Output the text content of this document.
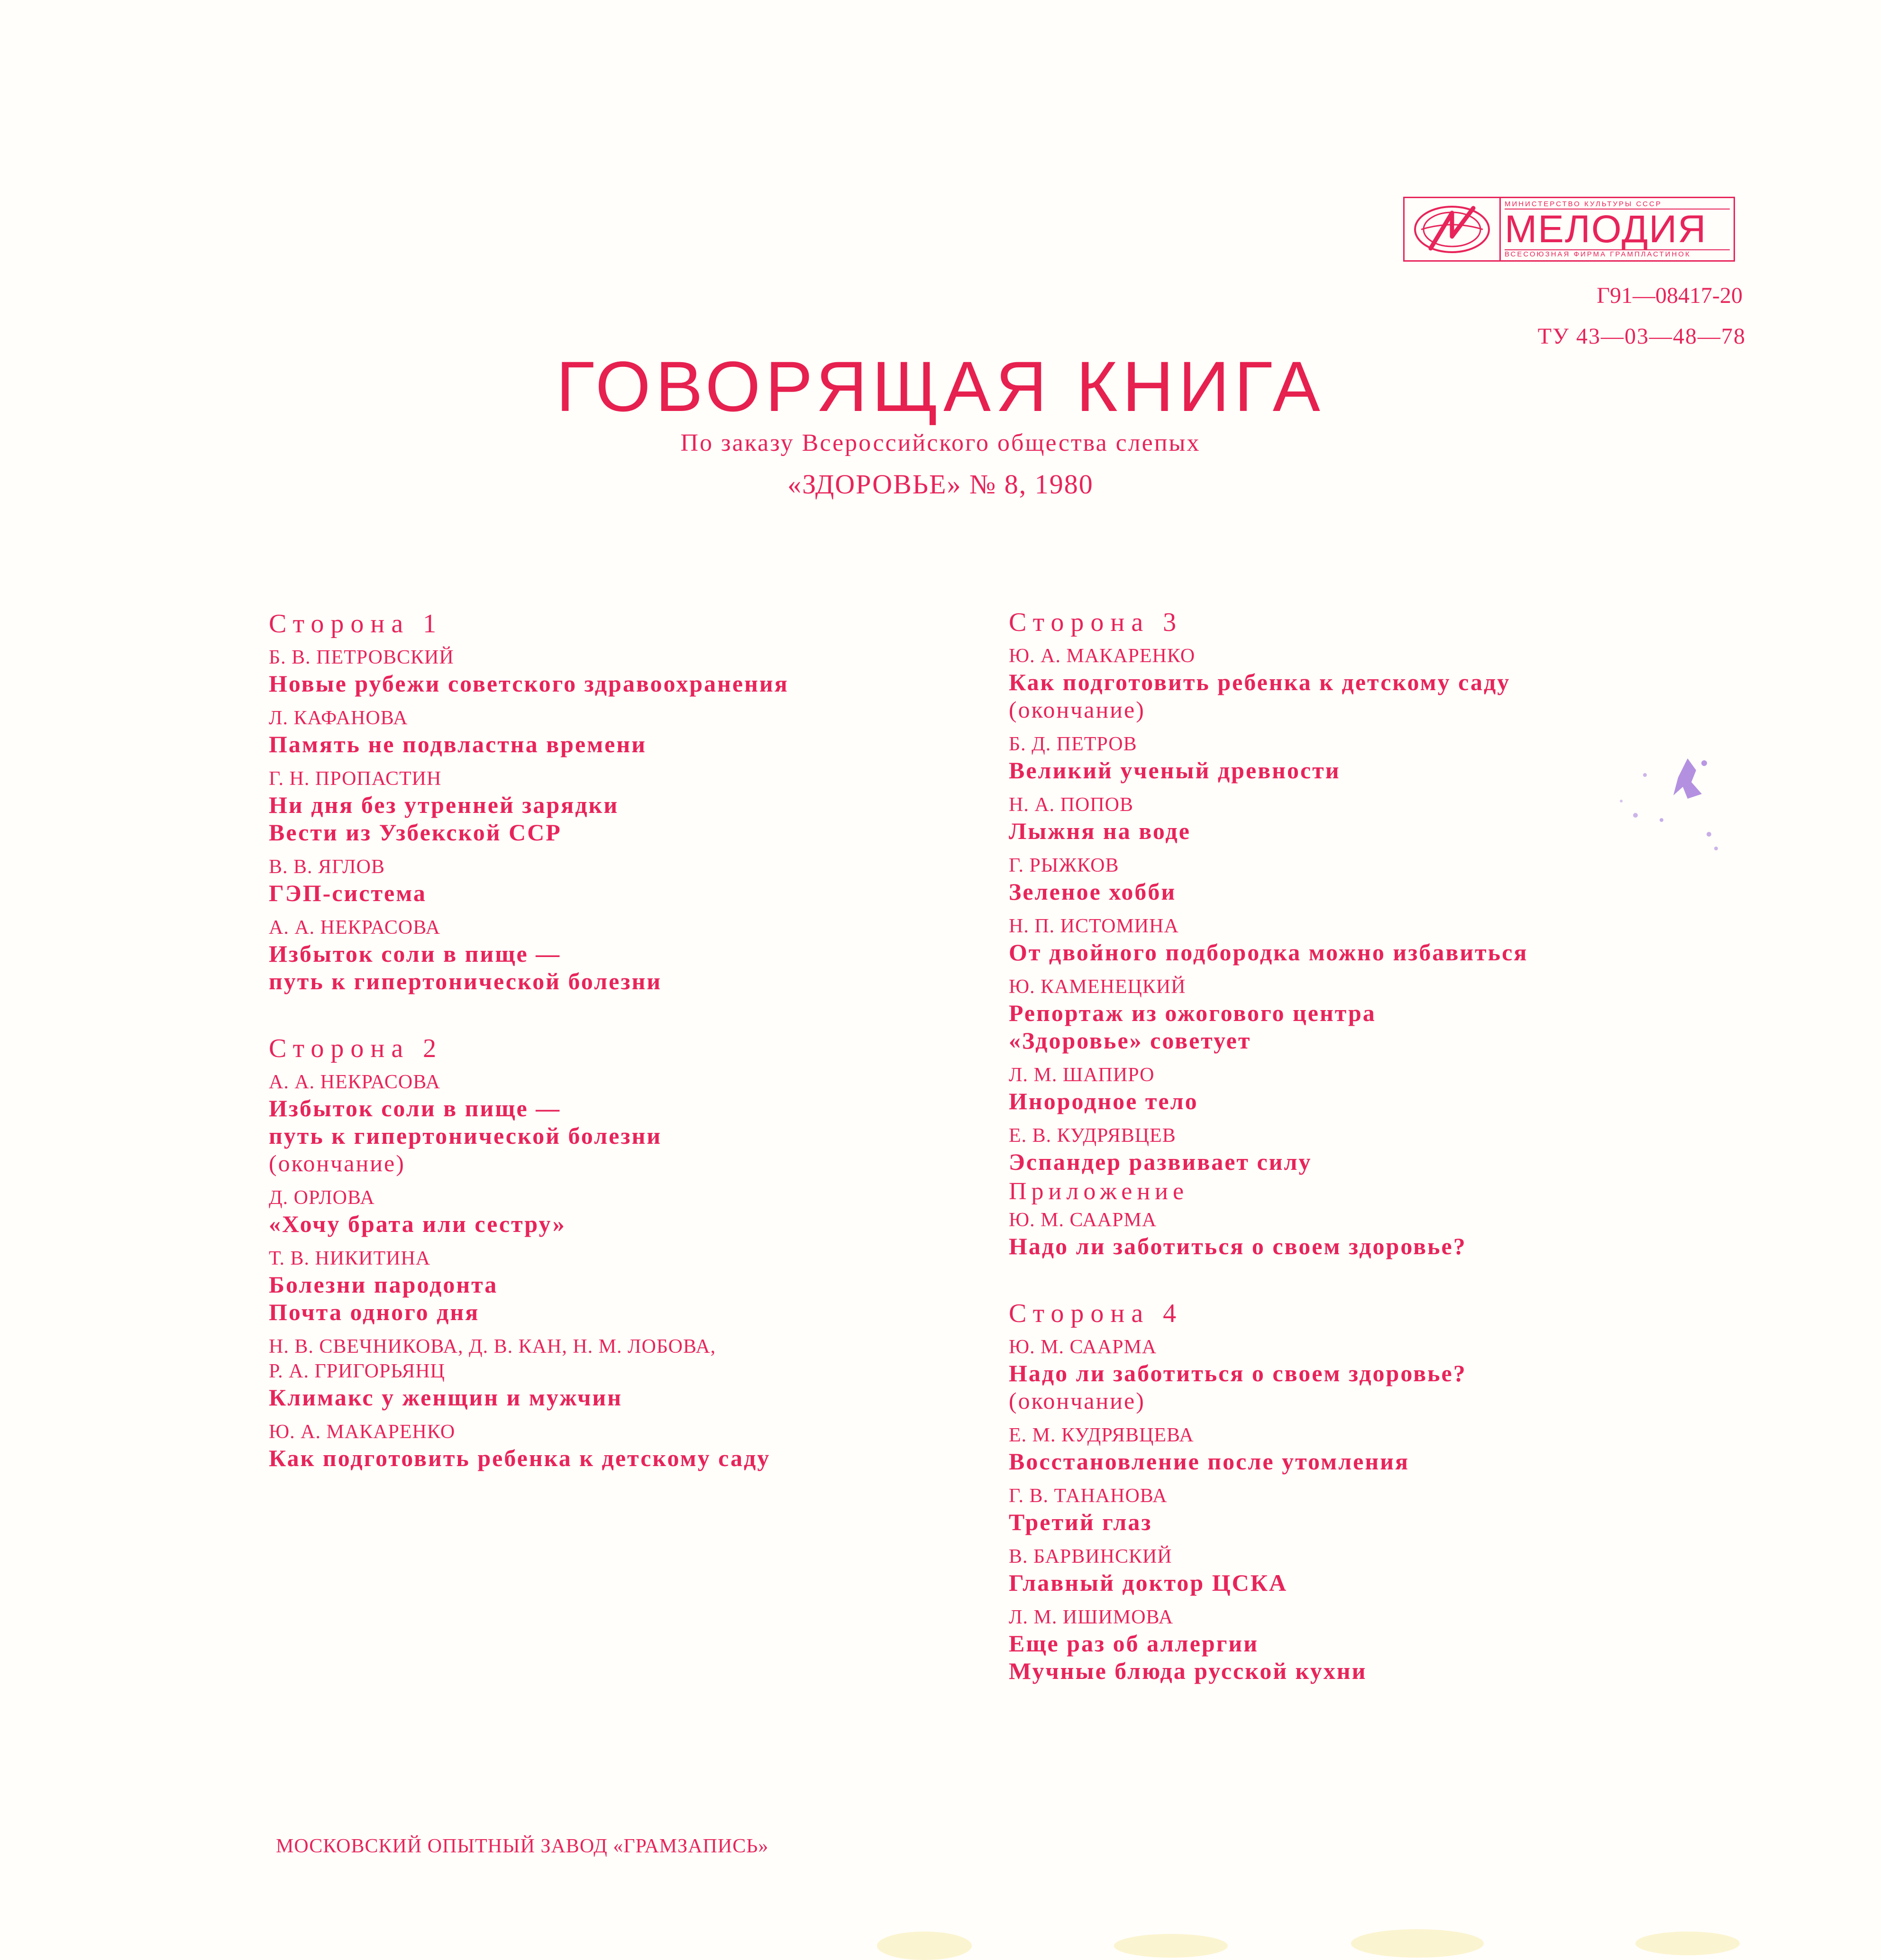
МИНИСТЕРСТВО КУЛЬТУРЫ СССР
МЕЛОДИЯ
ВСЕСОЮЗНАЯ ФИРМА ГРАМПЛАСТИНОК
Г91—08417-20
ТУ 43—03—48—78
ГОВОРЯЩАЯ КНИГА
По заказу Всероссийского общества слепых
«ЗДОРОВЬЕ» № 8, 1980
Сторона 1
Б. В. ПЕТРОВСКИЙ
Новые рубежи советского здравоохранения
Л. КАФАНОВА
Память не подвластна времени
Г. Н. ПРОПАСТИН
Ни дня без утренней зарядки
Вести из Узбекской ССР
В. В. ЯГЛОВ
ГЭП-система
А. А. НЕКРАСОВА
Избыток соли в пище —
путь к гипертонической болезни
Сторона 2
А. А. НЕКРАСОВА
Избыток соли в пище —
путь к гипертонической болезни
(окончание)
Д. ОРЛОВА
«Хочу брата или сестру»
Т. В. НИКИТИНА
Болезни пародонта
Почта одного дня
Н. В. СВЕЧНИКОВА, Д. В. КАН, Н. М. ЛОБОВА,
Р. А. ГРИГОРЬЯНЦ
Климакс у женщин и мужчин
Ю. А. МАКАРЕНКО
Как подготовить ребенка к детскому саду
Сторона 3
Ю. А. МАКАРЕНКО
Как подготовить ребенка к детскому саду
(окончание)
Б. Д. ПЕТРОВ
Великий ученый древности
Н. А. ПОПОВ
Лыжня на воде
Г. РЫЖКОВ
Зеленое хобби
Н. П. ИСТОМИНА
От двойного подбородка можно избавиться
Ю. КАМЕНЕЦКИЙ
Репортаж из ожогового центра
«Здоровье» советует
Л. М. ШАПИРО
Инородное тело
Е. В. КУДРЯВЦЕВ
Эспандер развивает силу
Приложение
Ю. М. СААРМА
Надо ли заботиться о своем здоровье?
Сторона 4
Ю. М. СААРМА
Надо ли заботиться о своем здоровье?
(окончание)
Е. М. КУДРЯВЦЕВА
Восстановление после утомления
Г. В. ТАНАНОВА
Третий глаз
В. БАРВИНСКИЙ
Главный доктор ЦСКА
Л. М. ИШИМОВА
Еще раз об аллергии
Мучные блюда русской кухни
МОСКОВСКИЙ ОПЫТНЫЙ ЗАВОД «ГРАМЗАПИСЬ»
